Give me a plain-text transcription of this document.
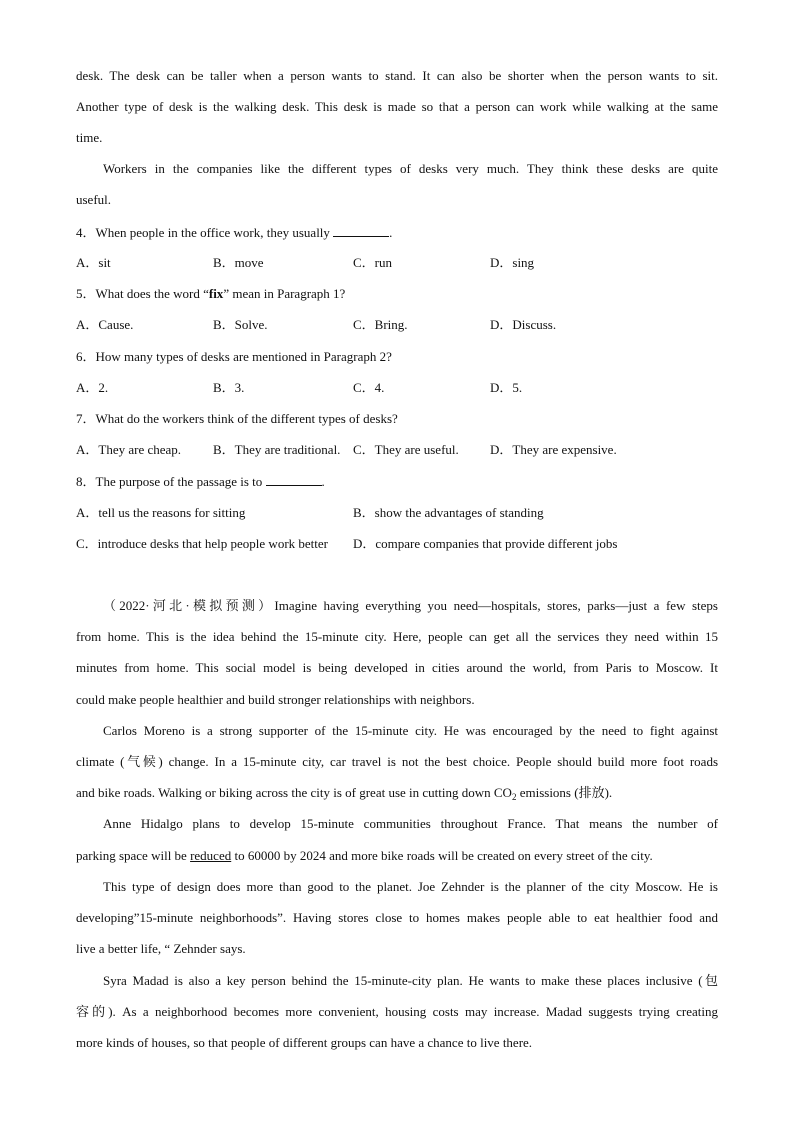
desk. The desk can be taller when a person wants to stand. It can also be shorter when the person wants to sit.
Another type of desk is the walking desk. This desk is made so that a person can work while walking at the same
time.
Workers in the companies like the different types of desks very much. They think these desks are quite
useful.
4．When people in the office work, they usually	.
A．sit	B．move	C．run	D．sing
5．What does the word “fix” mean in Paragraph 1?
A．Cause.	B．Solve.	C．Bring.	D．Discuss.
6．How many types of desks are mentioned in Paragraph 2?
A．2.	B．3.	C．4.	D．5.
7．What do the workers think of the different types of desks?
A．They are cheap. B．They are traditional. C．They are useful. D．They are expensive.
8．The purpose of the passage is to	.
A．tell us the reasons for sitting	B．show the advantages of standing
C．introduce desks that help people work better D．compare companies that provide different jobs
（2022·河北·模拟预测）Imagine having everything you need—hospitals, stores, parks—just a few steps
from home. This is the idea behind the 15-minute city. Here, people can get all the services they need within 15
minutes from home. This social model is being developed in cities around the world, from Paris to Moscow. It
could make people healthier and build stronger relationships with neighbors.
Carlos Moreno is a strong supporter of the 15-minute city. He was encouraged by the need to fight against
climate (气候) change. In a 15-minute city, car travel is not the best choice. People should build more foot roads
and bike roads. Walking or biking across the city is of great use in cutting down $CO_2$ emissions (排放).
Anne Hidalgo plans to develop 15-minute communities throughout France. That means the number of
parking space will be reduced to 60000 by 2024 and more bike roads will be created on every street of the city.
This type of design does more than good to the planet. Joe Zehnder is the planner of the city Moscow. He is
developing”15-minute neighborhoods”. Having stores close to homes makes people able to eat healthier food and
live a better life, “ Zehnder says.
Syra Madad is also a key person behind the 15-minute-city plan. He wants to make these places inclusive (包
容的). As a neighborhood becomes more convenient, housing costs may increase. Madad suggests trying creating
more kinds of houses, so that people of different groups can have a chance to live there.
